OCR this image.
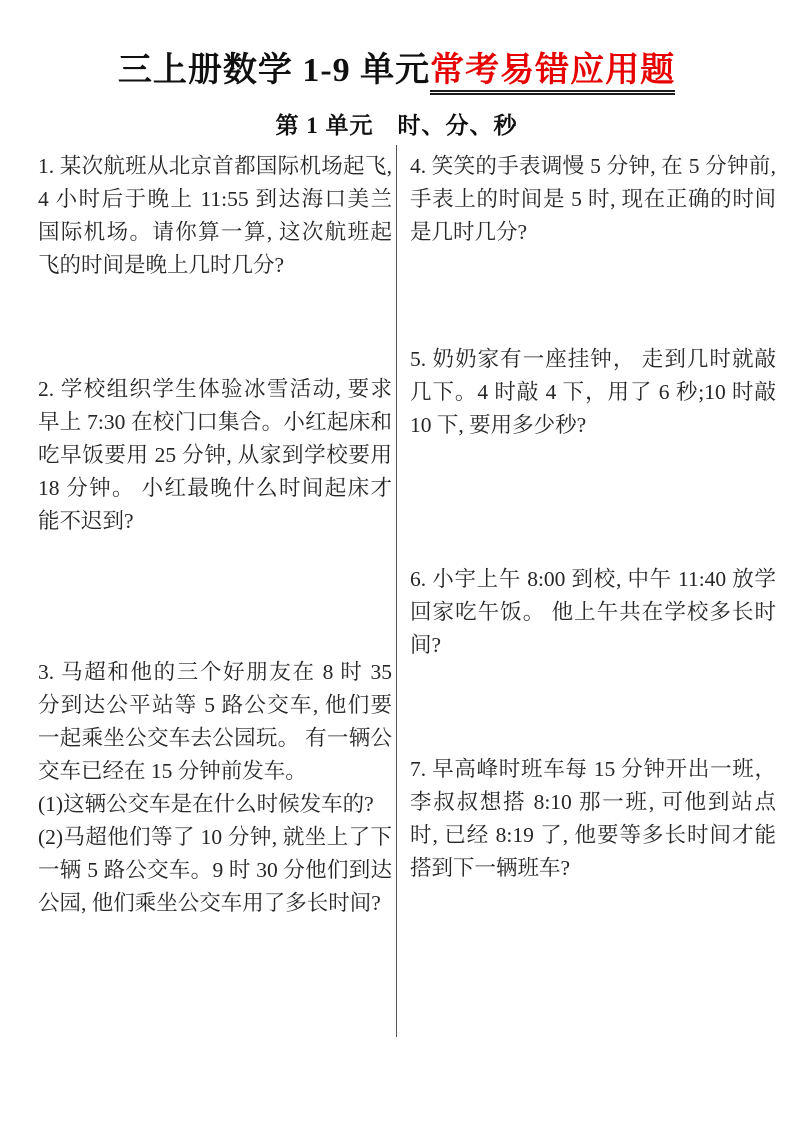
三上册数学 1-9 单元常考易错应用题
第 1 单元　时、分、秒

1. 某次航班从北京首都国际机场起飞, 4 小时后于晚上 11:55 到达海口美兰国际机场。请你算一算, 这次航班起飞的时间是晚上几时几分?

2. 学校组织学生体验冰雪活动, 要求早上 7:30 在校门口集合。小红起床和吃早饭要用 25 分钟, 从家到学校要用 18 分钟。 小红最晚什么时间起床才能不迟到?

3. 马超和他的三个好朋友在 8 时 35 分到达公平站等 5 路公交车, 他们要一起乘坐公交车去公园玩。 有一辆公交车已经在 15 分钟前发车。

(1)这辆公交车是在什么时候发车的?

(2)马超他们等了 10 分钟, 就坐上了下一辆 5 路公交车。9 时 30 分他们到达公园, 他们乘坐公交车用了多长时间?

4. 笑笑的手表调慢 5 分钟, 在 5 分钟前, 手表上的时间是 5 时, 现在正确的时间是几时几分?

5. 奶奶家有一座挂钟， 走到几时就敲几下。4 时敲 4 下，用了 6 秒;10 时敲 10 下, 要用多少秒?

6. 小宇上午 8:00 到校, 中午 11:40 放学回家吃午饭。 他上午共在学校多长时间?

7. 早高峰时班车每 15 分钟开出一班，李叔叔想搭 8:10 那一班, 可他到站点时, 已经 8:19 了, 他要等多长时间才能搭到下一辆班车?
